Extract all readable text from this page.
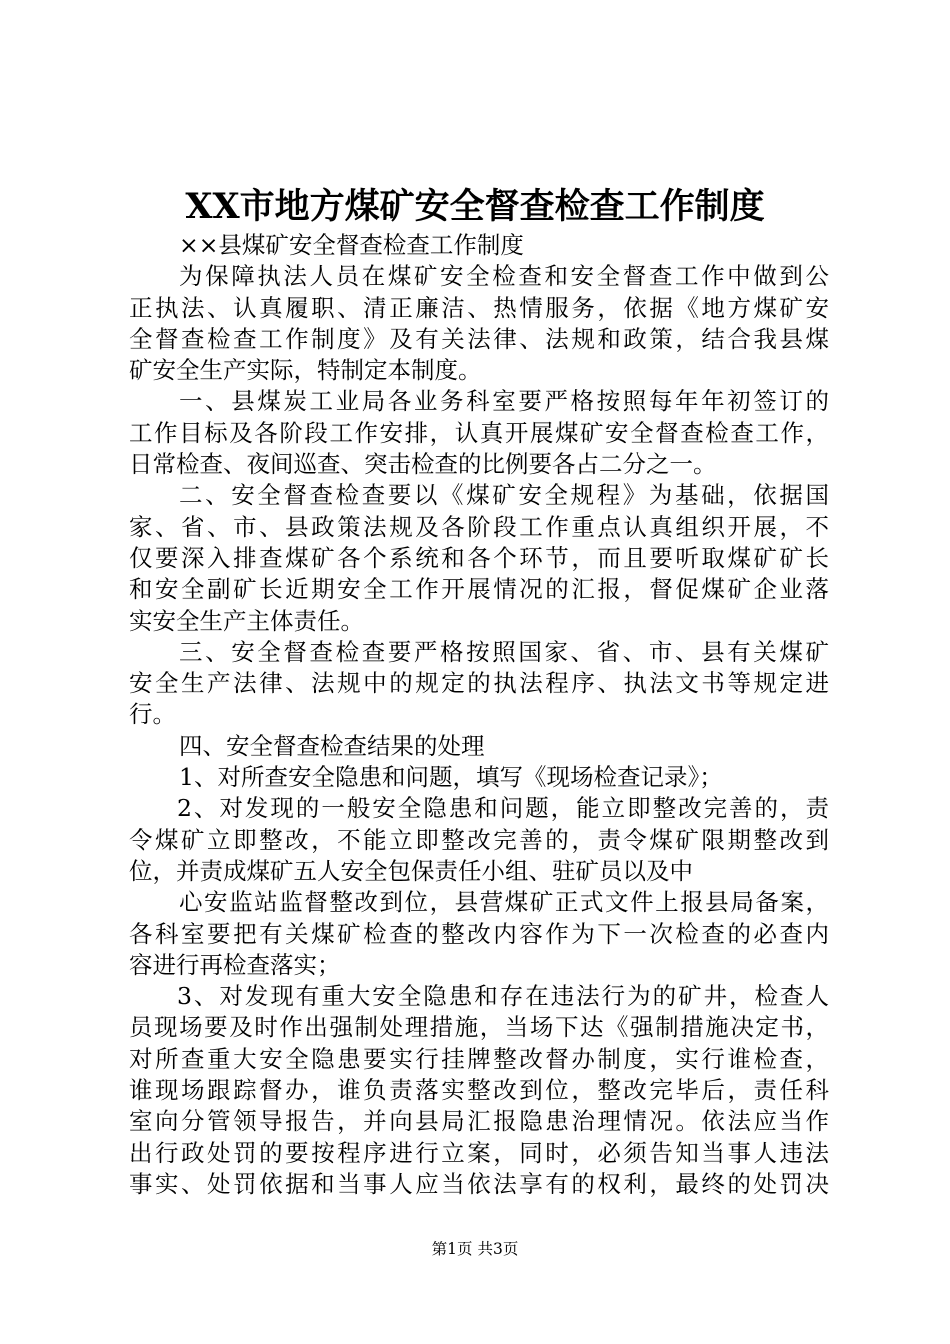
XX市地方煤矿安全督查检查工作制度
××县煤矿安全督查检查工作制度
为保障执法人员在煤矿安全检查和安全督查工作中做到公
正执法、认真履职、清正廉洁、热情服务，依据《地方煤矿安
全督查检查工作制度》及有关法律、法规和政策，结合我县煤
矿安全生产实际，特制定本制度。
一、县煤炭工业局各业务科室要严格按照每年年初签订的
工作目标及各阶段工作安排，认真开展煤矿安全督查检查工作，
日常检查、夜间巡查、突击检查的比例要各占二分之一。
二、安全督查检查要以《煤矿安全规程》为基础，依据国
家、省、市、县政策法规及各阶段工作重点认真组织开展，不
仅要深入排查煤矿各个系统和各个环节，而且要听取煤矿矿长
和安全副矿长近期安全工作开展情况的汇报，督促煤矿企业落
实安全生产主体责任。
三、安全督查检查要严格按照国家、省、市、县有关煤矿
安全生产法律、法规中的规定的执法程序、执法文书等规定进
行。
四、安全督查检查结果的处理
1、对所查安全隐患和问题，填写《现场检查记录》；
2、对发现的一般安全隐患和问题，能立即整改完善的，责
令煤矿立即整改，不能立即整改完善的，责令煤矿限期整改到
位，并责成煤矿五人安全包保责任小组、驻矿员以及中
心安监站监督整改到位，县营煤矿正式文件上报县局备案，
各科室要把有关煤矿检查的整改内容作为下一次检查的必查内
容进行再检查落实；
3、对发现有重大安全隐患和存在违法行为的矿井，检查人
员现场要及时作出强制处理措施，当场下达《强制措施决定书，
对所查重大安全隐患要实行挂牌整改督办制度，实行谁检查，
谁现场跟踪督办，谁负责落实整改到位，整改完毕后，责任科
室向分管领导报告，并向县局汇报隐患治理情况。依法应当作
出行政处罚的要按程序进行立案，同时，必须告知当事人违法
事实、处罚依据和当事人应当依法享有的权利，最终的处罚决
第1页 共3页
